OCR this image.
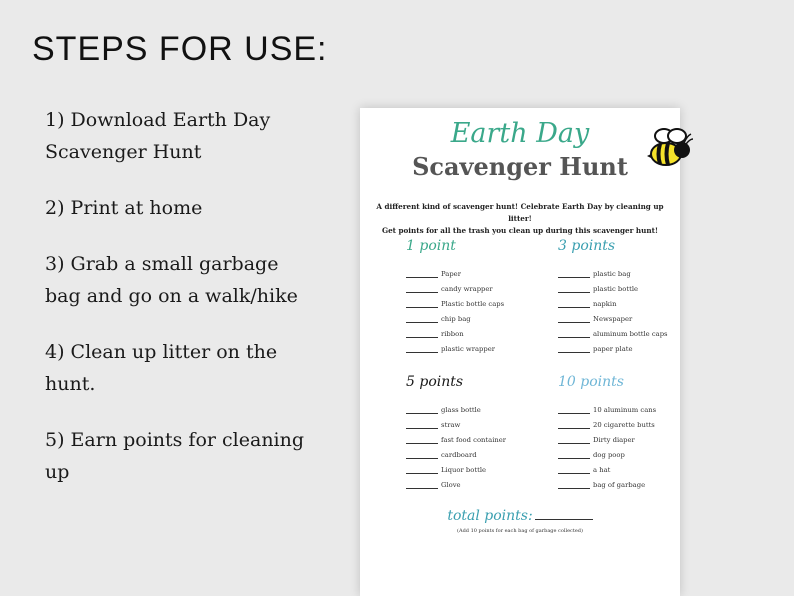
STEPS FOR USE:
1) Download Earth Day Scavenger Hunt
2) Print at home
3) Grab a small garbage bag and go on a walk/hike
4) Clean up litter on the hunt.
5) Earn points for cleaning up
Earth Day
Scavenger Hunt
A different kind of scavenger hunt! Celebrate Earth Day by cleaning up litter!
Get points for all the trash you clean up during this scavenger hunt!
1 point
Paper
candy wrapper
Plastic bottle caps
chip bag
ribbon
plastic wrapper
3 points
plastic bag
plastic bottle
napkin
Newspaper
aluminum bottle caps
paper plate
5 points
glass bottle
straw
fast food container
cardboard
Liquor bottle
Glove
10 points
10 aluminum cans
20 cigarette butts
Dirty diaper
dog poop
a hat
bag of garbage
total points:
(Add 10 points for each bag of garbage collected)
